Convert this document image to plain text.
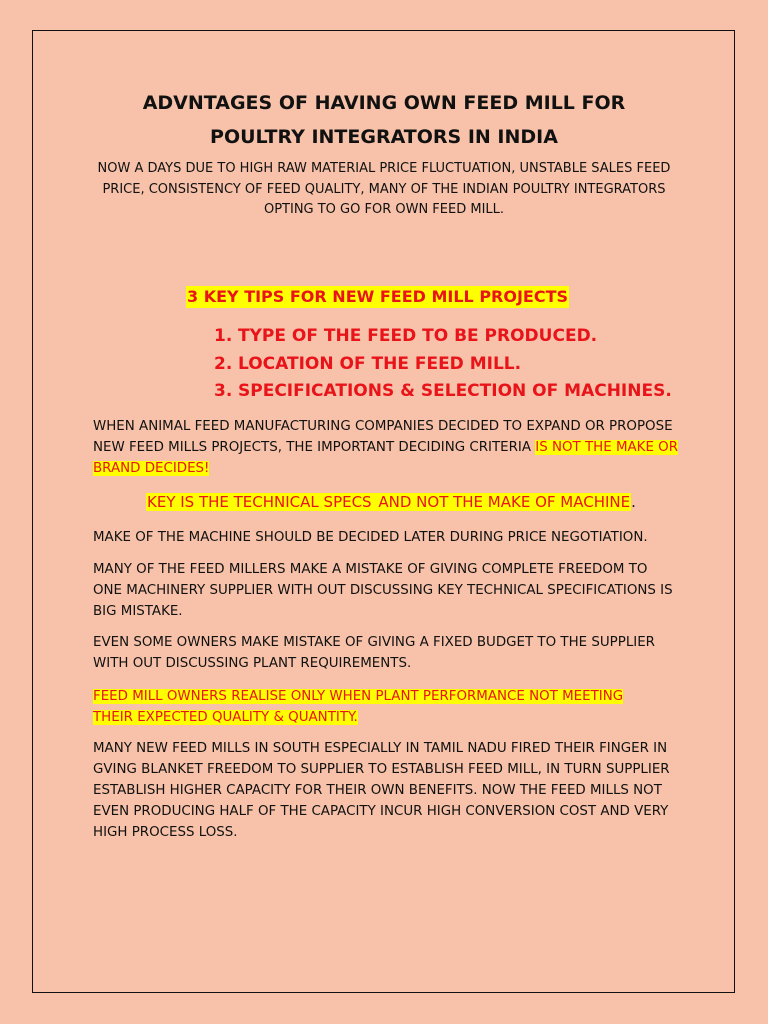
ADVNTAGES OF HAVING OWN FEED MILL FOR
POULTRY INTEGRATORS IN INDIA

NOW A DAYS DUE TO HIGH RAW MATERIAL PRICE FLUCTUATION, UNSTABLE SALES FEED PRICE, CONSISTENCY OF FEED QUALITY, MANY OF THE INDIAN POULTRY INTEGRATORS OPTING TO GO FOR OWN FEED MILL.

3 KEY TIPS FOR NEW FEED MILL PROJECTS
1. TYPE OF THE FEED TO BE PRODUCED.
2. LOCATION OF THE FEED MILL.
3. SPECIFICATIONS & SELECTION OF MACHINES.

WHEN ANIMAL FEED MANUFACTURING COMPANIES DECIDED TO EXPAND OR PROPOSE NEW FEED MILLS PROJECTS, THE IMPORTANT DECIDING CRITERIA IS NOT THE MAKE OR BRAND DECIDES!

KEY IS THE TECHNICAL SPECS AND NOT THE MAKE OF MACHINE.

MAKE OF THE MACHINE SHOULD BE DECIDED LATER DURING PRICE NEGOTIATION.

MANY OF THE FEED MILLERS MAKE A MISTAKE OF GIVING COMPLETE FREEDOM TO ONE MACHINERY SUPPLIER WITH OUT DISCUSSING KEY TECHNICAL SPECIFICATIONS IS BIG MISTAKE.

EVEN SOME OWNERS MAKE MISTAKE OF GIVING A FIXED BUDGET TO THE SUPPLIER WITH OUT DISCUSSING PLANT REQUIREMENTS.

FEED MILL OWNERS REALISE ONLY WHEN PLANT PERFORMANCE NOT MEETING
THEIR EXPECTED QUALITY & QUANTITY.

MANY NEW FEED MILLS IN SOUTH ESPECIALLY IN TAMIL NADU FIRED THEIR FINGER IN GVING BLANKET FREEDOM TO SUPPLIER TO ESTABLISH FEED MILL, IN TURN SUPPLIER ESTABLISH HIGHER CAPACITY FOR THEIR OWN BENEFITS. NOW THE FEED MILLS NOT EVEN PRODUCING HALF OF THE CAPACITY INCUR HIGH CONVERSION COST AND VERY HIGH PROCESS LOSS.
